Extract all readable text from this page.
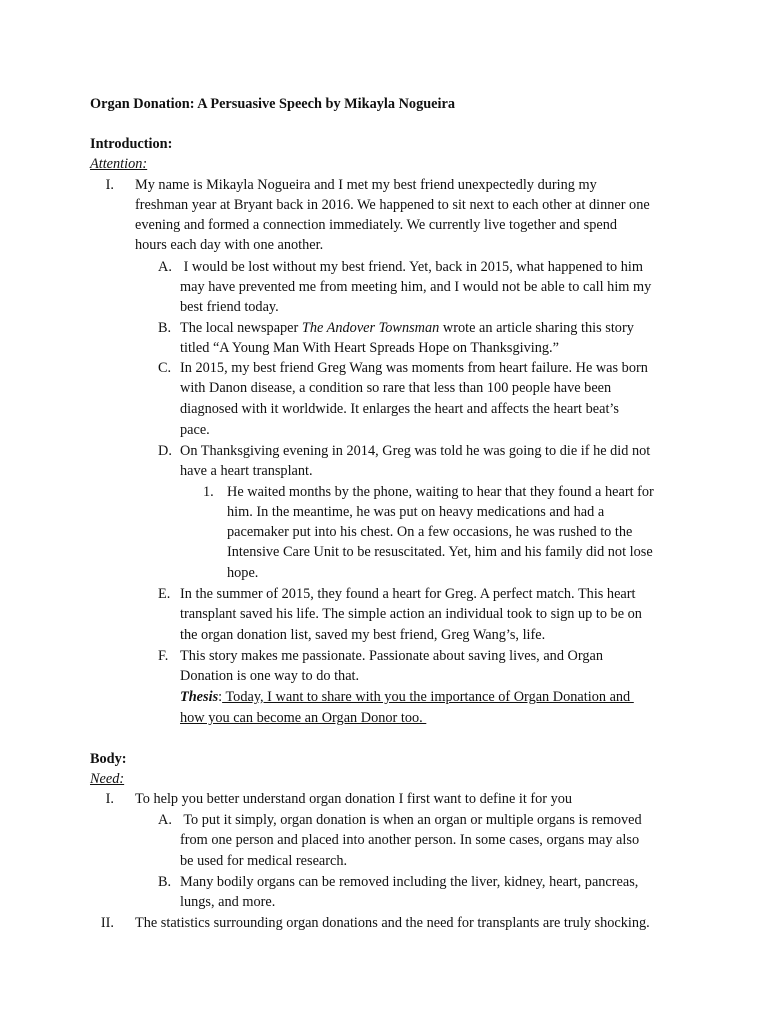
Organ Donation: A Persuasive Speech by Mikayla Nogueira
Introduction:
Attention:
I. My name is Mikayla Nogueira and I met my best friend unexpectedly during my
freshman year at Bryant back in 2016. We happened to sit next to each other at dinner one
evening and formed a connection immediately. We currently live together and spend
hours each day with one another.
A. I would be lost without my best friend. Yet, back in 2015, what happened to him
may have prevented me from meeting him, and I would not be able to call him my
best friend today.
B. The local newspaper The Andover Townsman wrote an article sharing this story
titled “A Young Man With Heart Spreads Hope on Thanksgiving.”
C. In 2015, my best friend Greg Wang was moments from heart failure. He was born
with Danon disease, a condition so rare that less than 100 people have been
diagnosed with it worldwide. It enlarges the heart and affects the heart beat’s
pace.
D. On Thanksgiving evening in 2014, Greg was told he was going to die if he did not
have a heart transplant.
1. He waited months by the phone, waiting to hear that they found a heart for
him. In the meantime, he was put on heavy medications and had a
pacemaker put into his chest. On a few occasions, he was rushed to the
Intensive Care Unit to be resuscitated. Yet, him and his family did not lose
hope.
E. In the summer of 2015, they found a heart for Greg. A perfect match. This heart
transplant saved his life. The simple action an individual took to sign up to be on
the organ donation list, saved my best friend, Greg Wang’s, life.
F. This story makes me passionate. Passionate about saving lives, and Organ
Donation is one way to do that.
Thesis: Today, I want to share with you the importance of Organ Donation and
how you can become an Organ Donor too.
Body:
Need:
I. To help you better understand organ donation I first want to define it for you
A. To put it simply, organ donation is when an organ or multiple organs is removed
from one person and placed into another person. In some cases, organs may also
be used for medical research.
B. Many bodily organs can be removed including the liver, kidney, heart, pancreas,
lungs, and more.
II. The statistics surrounding organ donations and the need for transplants are truly shocking.
